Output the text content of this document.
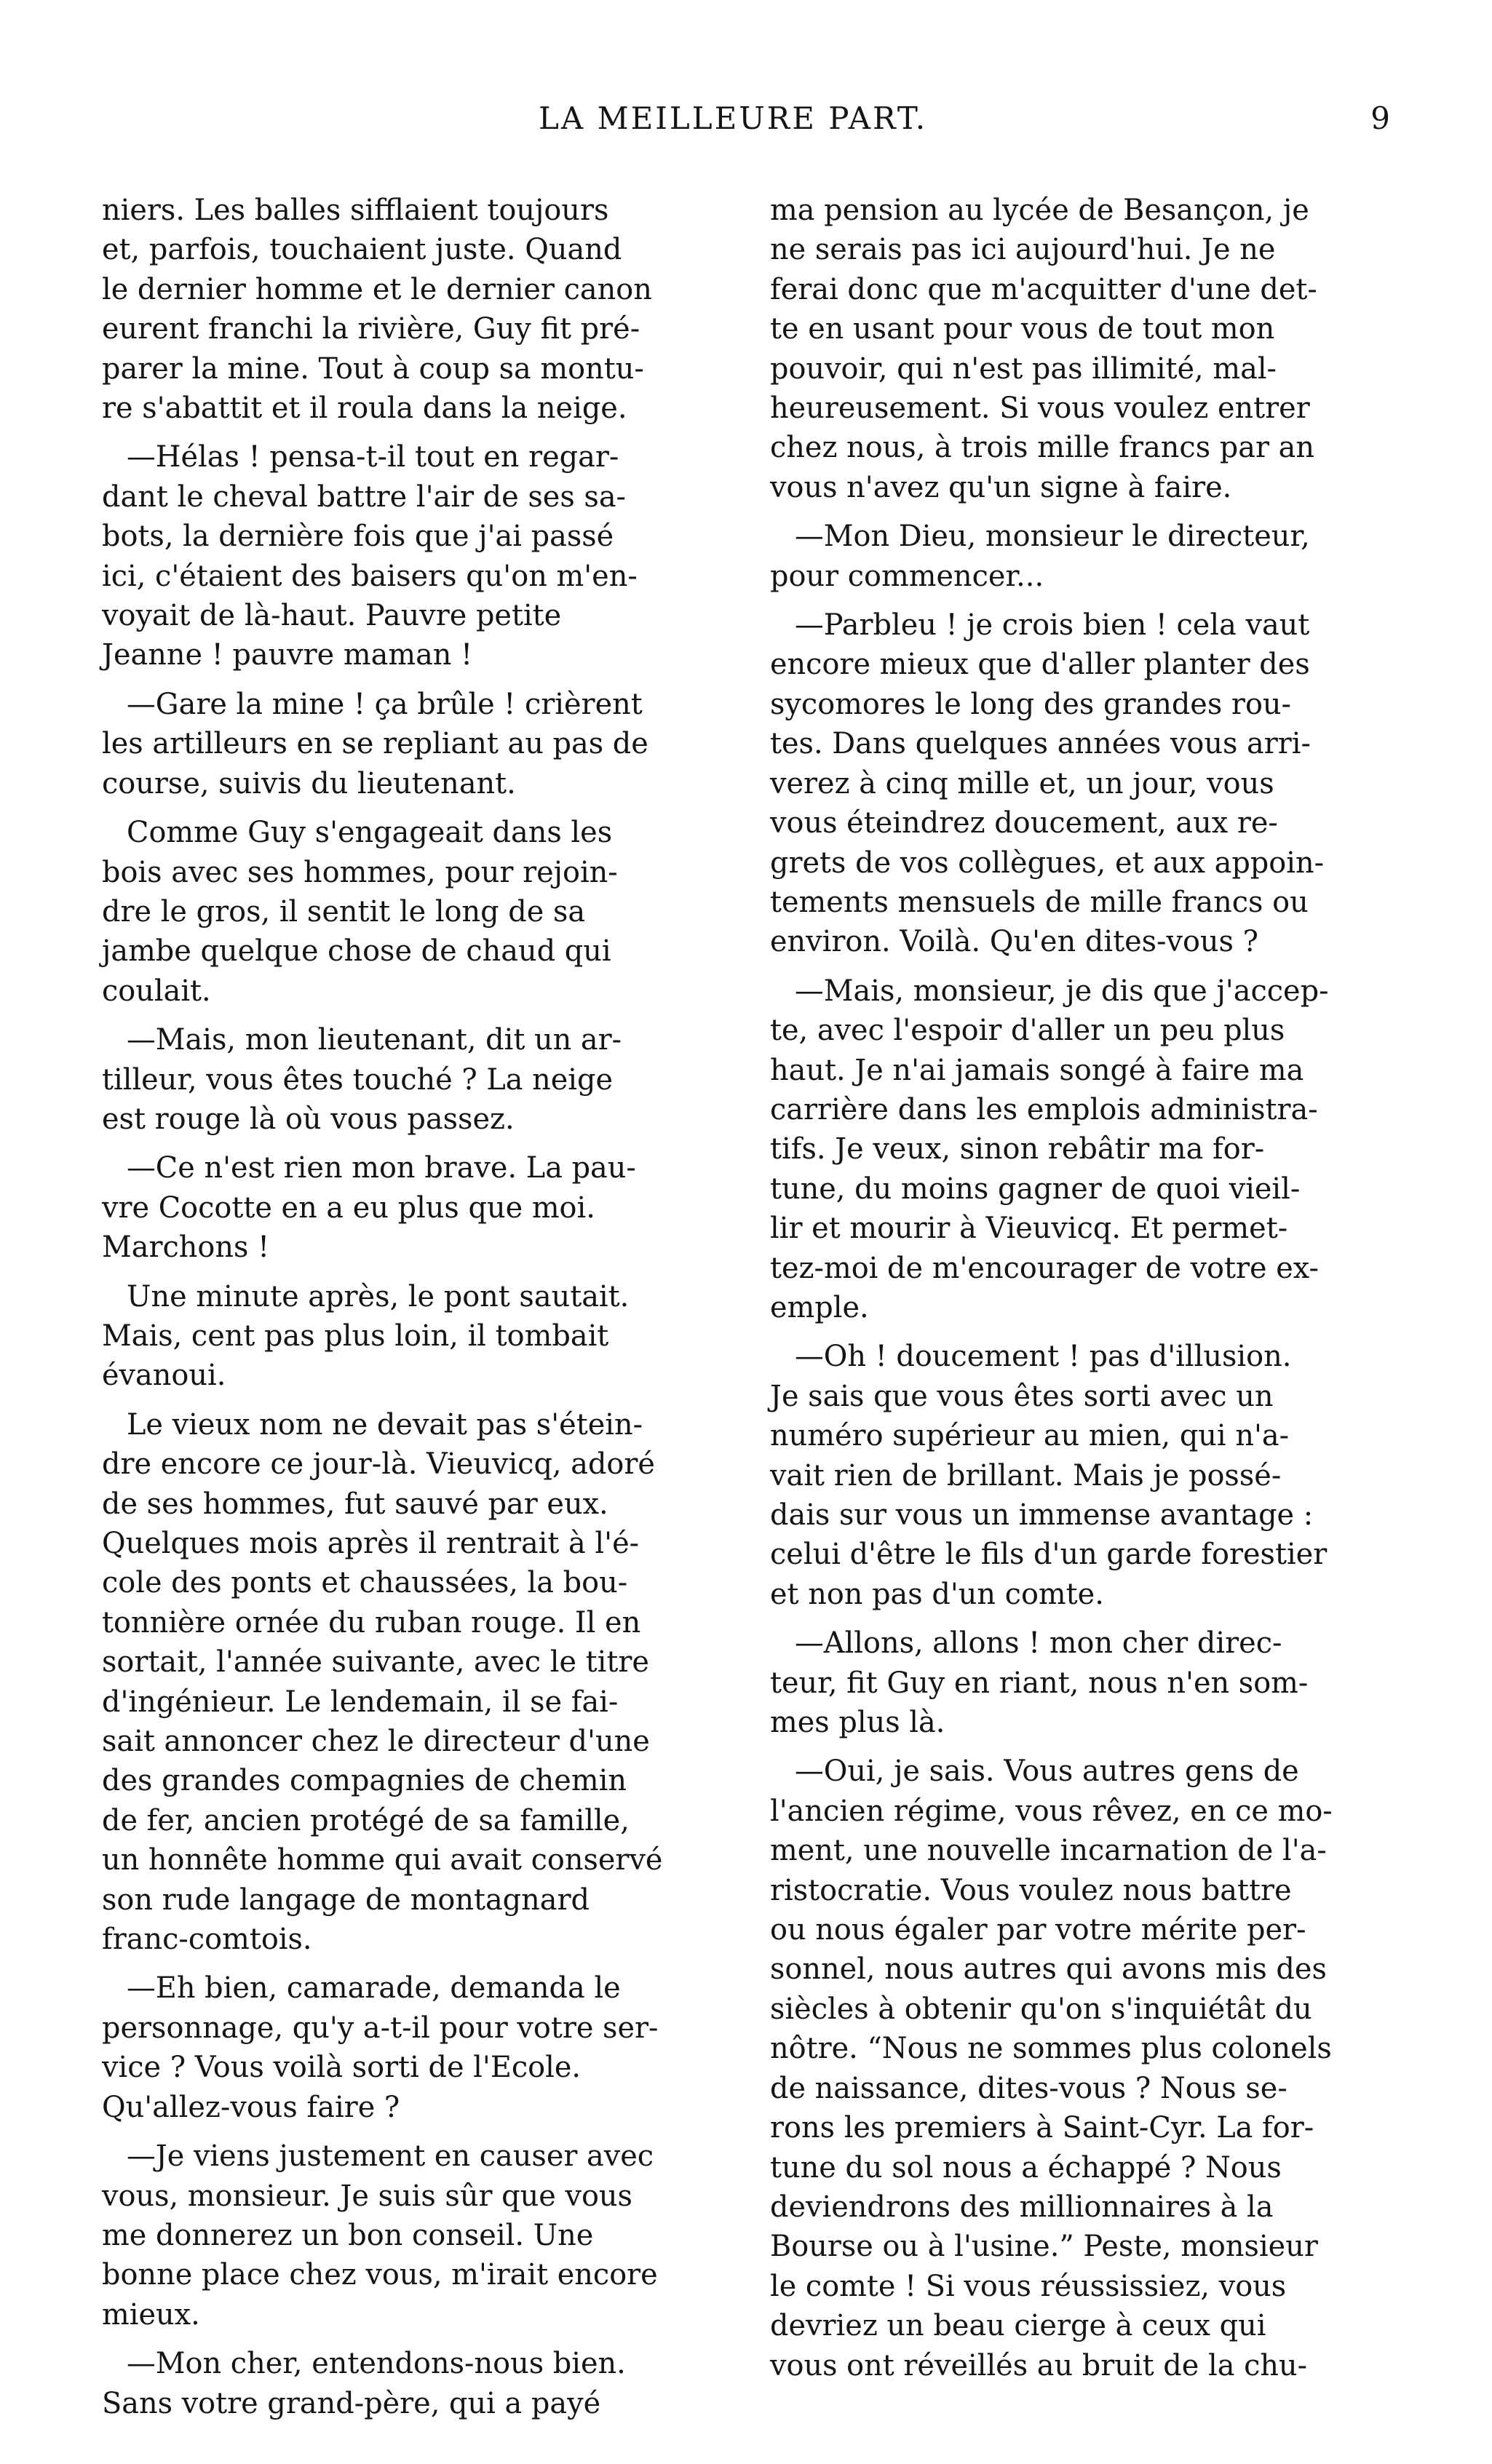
LA MEILLEURE PART.	9

niers. Les balles sifflaient toujours
et, parfois, touchaient juste. Quand
le dernier homme et le dernier canon
eurent franchi la rivière, Guy fit pré-
parer la mine. Tout à coup sa montu-
re s'abattit et il roula dans la neige.

—Hélas ! pensa-t-il tout en regar-
dant le cheval battre l'air de ses sa-
bots, la dernière fois que j'ai passé
ici, c'étaient des baisers qu'on m'en-
voyait de là-haut. Pauvre petite
Jeanne ! pauvre maman !

—Gare la mine ! ça brûle ! crièrent
les artilleurs en se repliant au pas de
course, suivis du lieutenant.

Comme Guy s'engageait dans les
bois avec ses hommes, pour rejoin-
dre le gros, il sentit le long de sa
jambe quelque chose de chaud qui
coulait.

—Mais, mon lieutenant, dit un ar-
tilleur, vous êtes touché ? La neige
est rouge là où vous passez.

—Ce n'est rien mon brave. La pau-
vre Cocotte en a eu plus que moi.
Marchons !

Une minute après, le pont sautait.
Mais, cent pas plus loin, il tombait
évanoui.

Le vieux nom ne devait pas s'étein-
dre encore ce jour-là. Vieuvicq, adoré
de ses hommes, fut sauvé par eux.
Quelques mois après il rentrait à l'é-
cole des ponts et chaussées, la bou-
tonnière ornée du ruban rouge. Il en
sortait, l'année suivante, avec le titre
d'ingénieur. Le lendemain, il se fai-
sait annoncer chez le directeur d'une
des grandes compagnies de chemin
de fer, ancien protégé de sa famille,
un honnête homme qui avait conservé
son rude langage de montagnard
franc-comtois.

—Eh bien, camarade, demanda le
personnage, qu'y a-t-il pour votre ser-
vice ? Vous voilà sorti de l'Ecole.
Qu'allez-vous faire ?

—Je viens justement en causer avec
vous, monsieur. Je suis sûr que vous
me donnerez un bon conseil. Une
bonne place chez vous, m'irait encore
mieux.

—Mon cher, entendons-nous bien.
Sans votre grand-père, qui a payé

ma pension au lycée de Besançon, je
ne serais pas ici aujourd'hui. Je ne
ferai donc que m'acquitter d'une det-
te en usant pour vous de tout mon
pouvoir, qui n'est pas illimité, mal-
heureusement. Si vous voulez entrer
chez nous, à trois mille francs par an
vous n'avez qu'un signe à faire.

—Mon Dieu, monsieur le directeur,
pour commencer...

—Parbleu ! je crois bien ! cela vaut
encore mieux que d'aller planter des
sycomores le long des grandes rou-
tes. Dans quelques années vous arri-
verez à cinq mille et, un jour, vous
vous éteindrez doucement, aux re-
grets de vos collègues, et aux appoin-
tements mensuels de mille francs ou
environ. Voilà. Qu'en dites-vous ?

—Mais, monsieur, je dis que j'accep-
te, avec l'espoir d'aller un peu plus
haut. Je n'ai jamais songé à faire ma
carrière dans les emplois administra-
tifs. Je veux, sinon rebâtir ma for-
tune, du moins gagner de quoi vieil-
lir et mourir à Vieuvicq. Et permet-
tez-moi de m'encourager de votre ex-
emple.

—Oh ! doucement ! pas d'illusion.
Je sais que vous êtes sorti avec un
numéro supérieur au mien, qui n'a-
vait rien de brillant. Mais je possé-
dais sur vous un immense avantage :
celui d'être le fils d'un garde forestier
et non pas d'un comte.

—Allons, allons ! mon cher direc-
teur, fit Guy en riant, nous n'en som-
mes plus là.

—Oui, je sais. Vous autres gens de
l'ancien régime, vous rêvez, en ce mo-
ment, une nouvelle incarnation de l'a-
ristocratie. Vous voulez nous battre
ou nous égaler par votre mérite per-
sonnel, nous autres qui avons mis des
siècles à obtenir qu'on s'inquiétât du
nôtre. “Nous ne sommes plus colonels
de naissance, dites-vous ? Nous se-
rons les premiers à Saint-Cyr. La for-
tune du sol nous a échappé ? Nous
deviendrons des millionnaires à la
Bourse ou à l'usine.” Peste, monsieur
le comte ! Si vous réussissiez, vous
devriez un beau cierge à ceux qui
vous ont réveillés au bruit de la chu-
